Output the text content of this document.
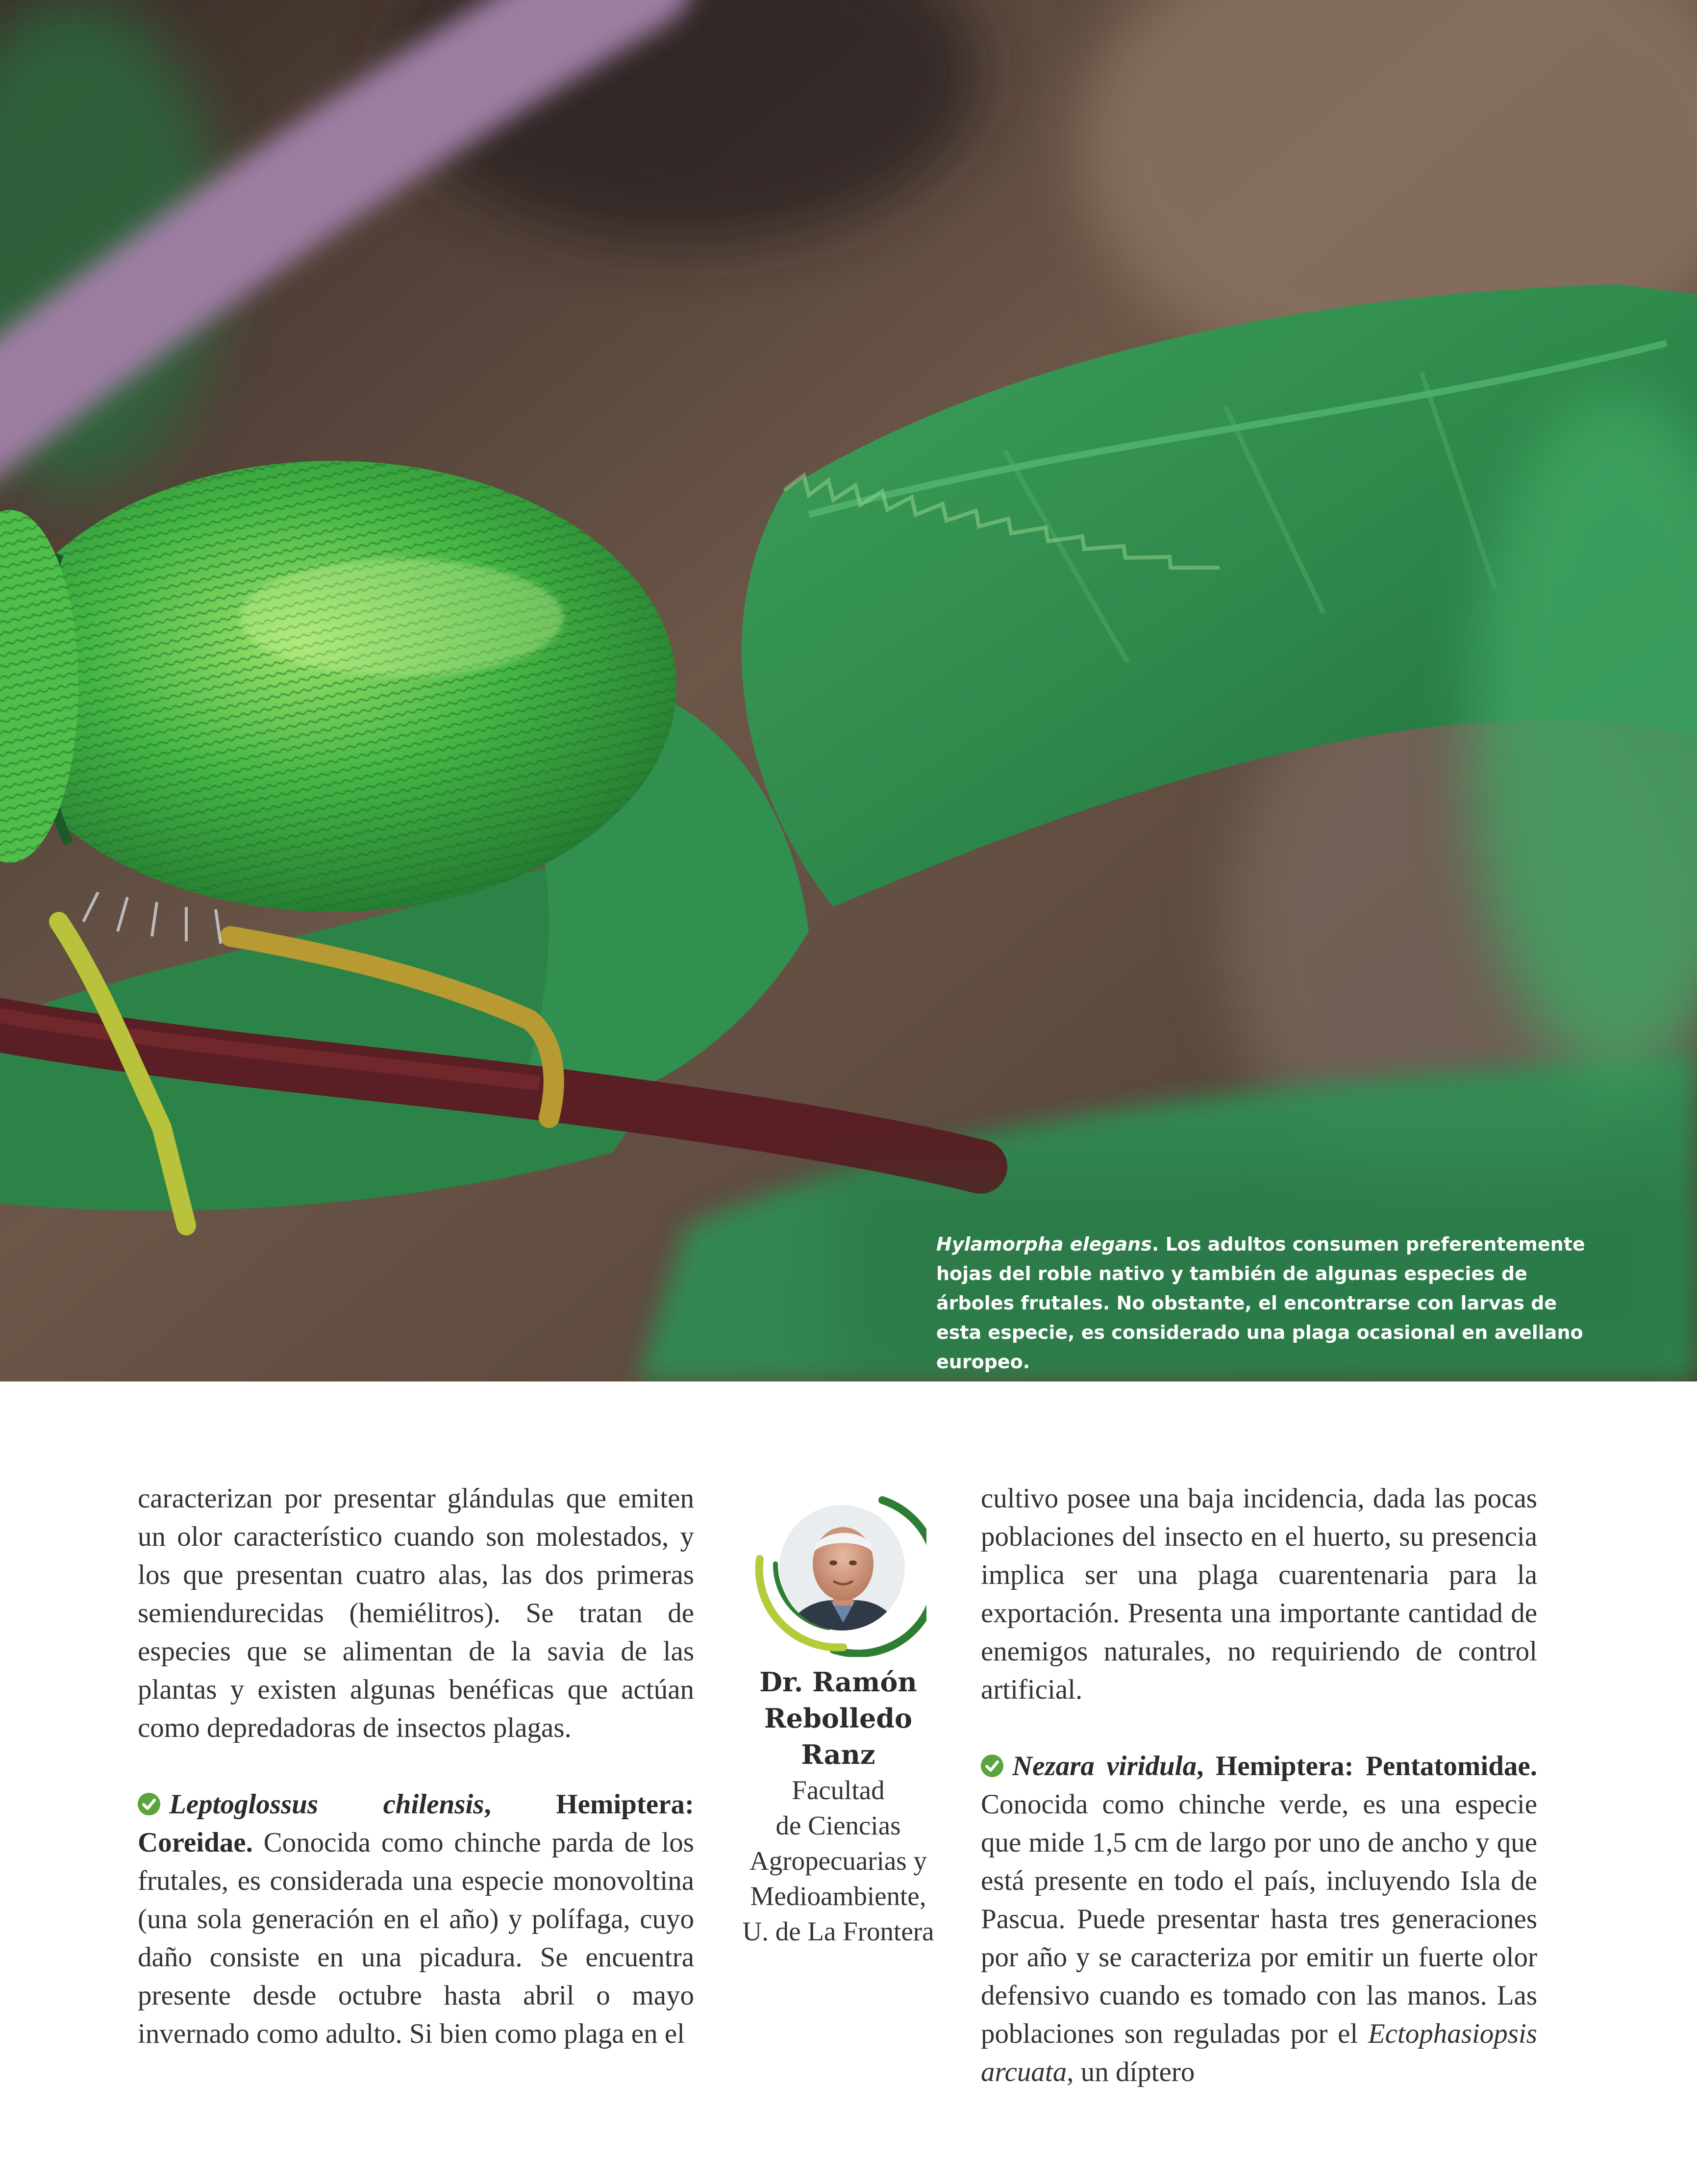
Hylamorpha elegans. Los adultos consumen preferentemente hojas del roble nativo y también de algunas especies de árboles frutales. No obstante, el encontrarse con larvas de esta especie, es considerado una plaga ocasional en avellano europeo.

caracterizan por presentar glándulas que emiten un olor característico cuando son molestados, y los que presentan cuatro alas, las dos primeras semiendurecidas (hemiélitros). Se tratan de especies que se alimentan de la savia de las plantas y existen algunas benéficas que actúan como depredadoras de insectos plagas.

Leptoglossus chilensis, Hemiptera: Coreidae. Conocida como chinche parda de los frutales, es considerada una especie monovoltina (una sola generación en el año) y polífaga, cuyo daño consiste en una picadura. Se encuentra presente desde octubre hasta abril o mayo invernado como adulto. Si bien como plaga en el

Dr. Ramón
Rebolledo Ranz
Facultad
de Ciencias
Agropecuarias y
Medioambiente,
U. de La Frontera

cultivo posee una baja incidencia, dada las pocas poblaciones del insecto en el huerto, su presencia implica ser una plaga cuarentenaria para la exportación. Presenta una importante cantidad de enemigos naturales, no requiriendo de control artificial.

Nezara viridula, Hemiptera: Pentatomidae. Conocida como chinche verde, es una especie que mide 1,5 cm de largo por uno de ancho y que está presente en todo el país, incluyendo Isla de Pascua. Puede presentar hasta tres generaciones por año y se caracteriza por emitir un fuerte olor defensivo cuando es tomado con las manos. Las poblaciones son reguladas por el Ectophasiopsis arcuata, un díptero
